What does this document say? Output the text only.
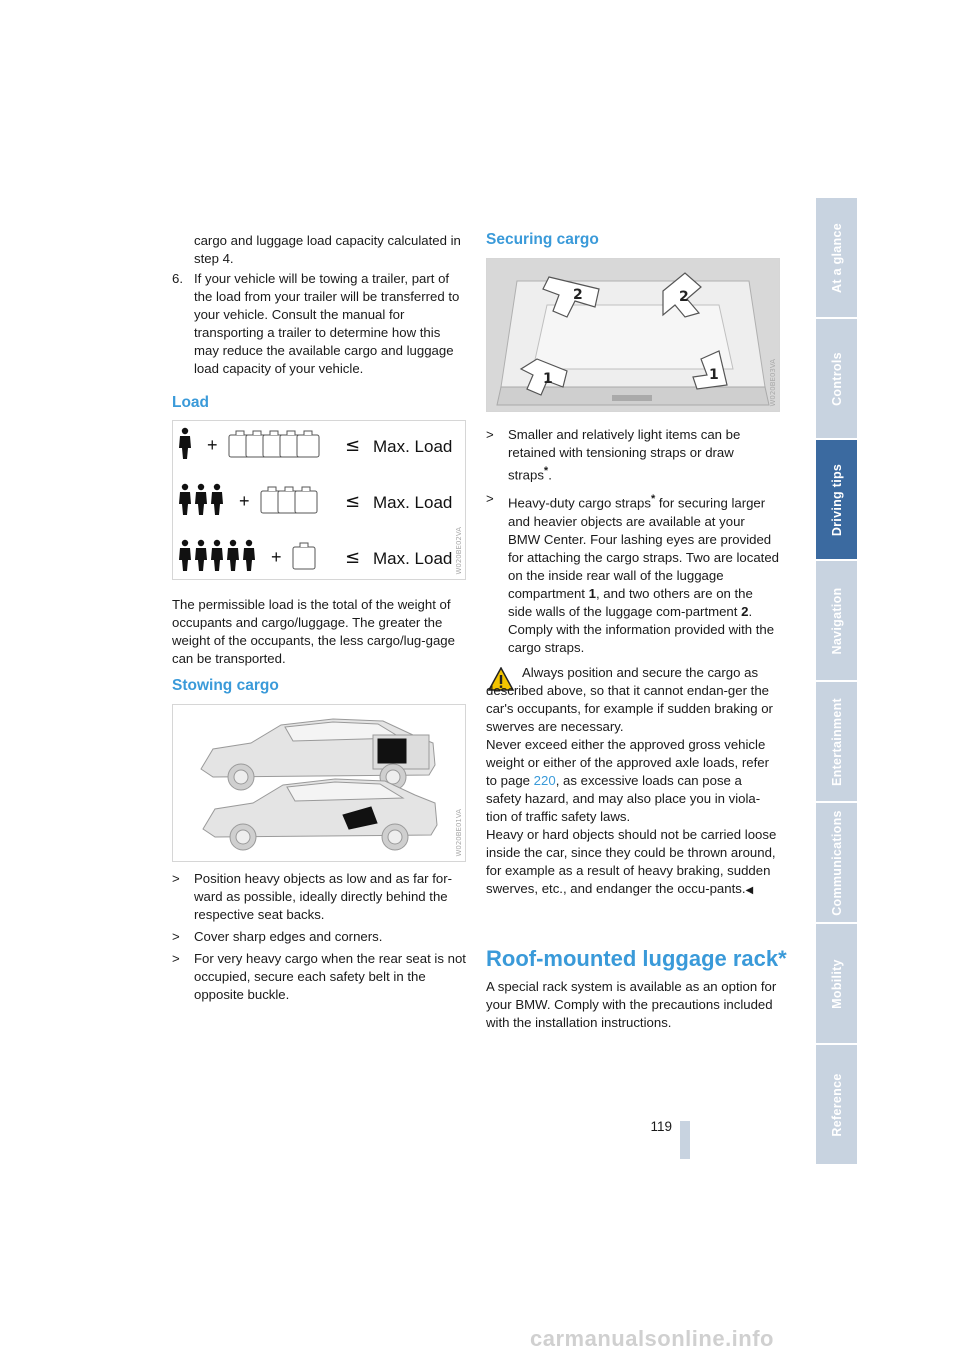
cargo and luggage load capacity calculated in step 4.
6. If your vehicle will be towing a trailer, part of the load from your trailer will be transferred to your vehicle. Consult the manual for transporting a trailer to determine how this may reduce the available cargo and luggage load capacity of your vehicle.
Load
+	≤ Max. Load
+	≤ Max. Load
+	≤ Max. Load W020BE02VA
The permissible load is the total of the weight of occupants and cargo/luggage. The greater the weight of the occupants, the less cargo/lug-gage can be transported.
Stowing cargo
W020BE01VA
>	Position heavy objects as low and as far for-ward as possible, ideally directly behind the respective seat backs.
>	Cover sharp edges and corners.
>	For very heavy cargo when the rear seat is not occupied, secure each safety belt in the opposite buckle.
Securing cargo
2	2
1	1	W020BE03VA
>	Smaller and relatively light items can be retained with tensioning straps or draw straps*.
>	Heavy-duty cargo straps* for securing larger and heavier objects are available at your BMW Center. Four lashing eyes are provided for attaching the cargo straps. Two are located on the inside rear wall of the luggage compartment 1, and two others are on the side walls of the luggage com-partment 2.
Comply with the information provided with the cargo straps.
Always position and secure the cargo as described above, so that it cannot endan-ger the car's occupants, for example if sudden braking or swerves are necessary.
Never exceed either the approved gross vehicle weight or either of the approved axle loads, refer to page 220, as excessive loads can pose a safety hazard, and may also place you in viola-tion of traffic safety laws.
Heavy or hard objects should not be carried loose inside the car, since they could be thrown around, for example as a result of heavy braking, sudden swerves, etc., and endanger the occu-pants.◀
Roof-mounted luggage rack*
A special rack system is available as an option for your BMW. Comply with the precautions included with the installation instructions.
119
At a glance
Controls
Driving tips
Navigation
Entertainment
Communications
Mobility
Reference
carmanualsonline.info
